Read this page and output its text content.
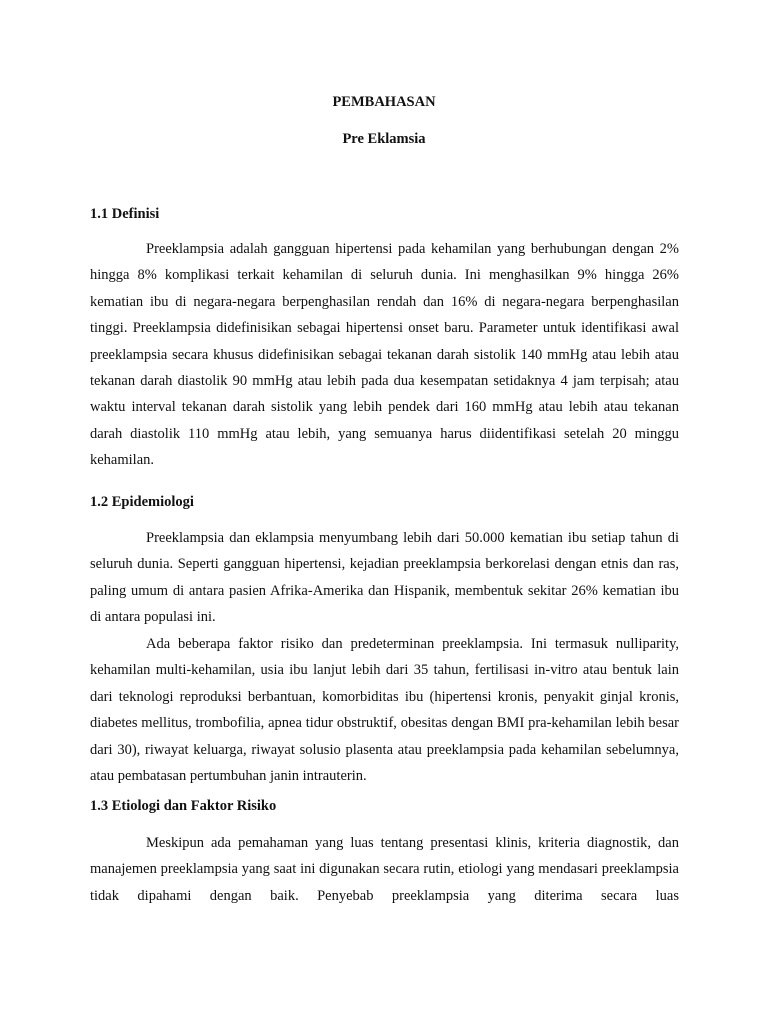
PEMBAHASAN
Pre Eklamsia
1.1 Definisi

Preeklampsia adalah gangguan hipertensi pada kehamilan yang berhubungan dengan 2% hingga 8% komplikasi terkait kehamilan di seluruh dunia. Ini menghasilkan 9% hingga 26% kematian ibu di negara-negara berpenghasilan rendah dan 16% di negara-negara berpenghasilan tinggi. Preeklampsia didefinisikan sebagai hipertensi onset baru. Parameter untuk identifikasi awal preeklampsia secara khusus didefinisikan sebagai tekanan darah sistolik 140 mmHg atau lebih atau tekanan darah diastolik 90 mmHg atau lebih pada dua kesempatan setidaknya 4 jam terpisah; atau waktu interval tekanan darah sistolik yang lebih pendek dari 160 mmHg atau lebih atau tekanan darah diastolik 110 mmHg atau lebih, yang semuanya harus diidentifikasi setelah 20 minggu kehamilan.

1.2 Epidemiologi

Preeklampsia dan eklampsia menyumbang lebih dari 50.000 kematian ibu setiap tahun di seluruh dunia. Seperti gangguan hipertensi, kejadian preeklampsia berkorelasi dengan etnis dan ras, paling umum di antara pasien Afrika-Amerika dan Hispanik, membentuk sekitar 26% kematian ibu di antara populasi ini.

Ada beberapa faktor risiko dan predeterminan preeklampsia. Ini termasuk nulliparity, kehamilan multi-kehamilan, usia ibu lanjut lebih dari 35 tahun, fertilisasi in-vitro atau bentuk lain dari teknologi reproduksi berbantuan, komorbiditas ibu (hipertensi kronis, penyakit ginjal kronis, diabetes mellitus, trombofilia, apnea tidur obstruktif, obesitas dengan BMI pra-kehamilan lebih besar dari 30), riwayat keluarga, riwayat solusio plasenta atau preeklampsia pada kehamilan sebelumnya, atau pembatasan pertumbuhan janin intrauterin.

1.3 Etiologi dan Faktor Risiko

Meskipun ada pemahaman yang luas tentang presentasi klinis, kriteria diagnostik, dan manajemen preeklampsia yang saat ini digunakan secara rutin, etiologi yang mendasari preeklampsia tidak dipahami dengan baik. Penyebab preeklampsia yang diterima secara luas
